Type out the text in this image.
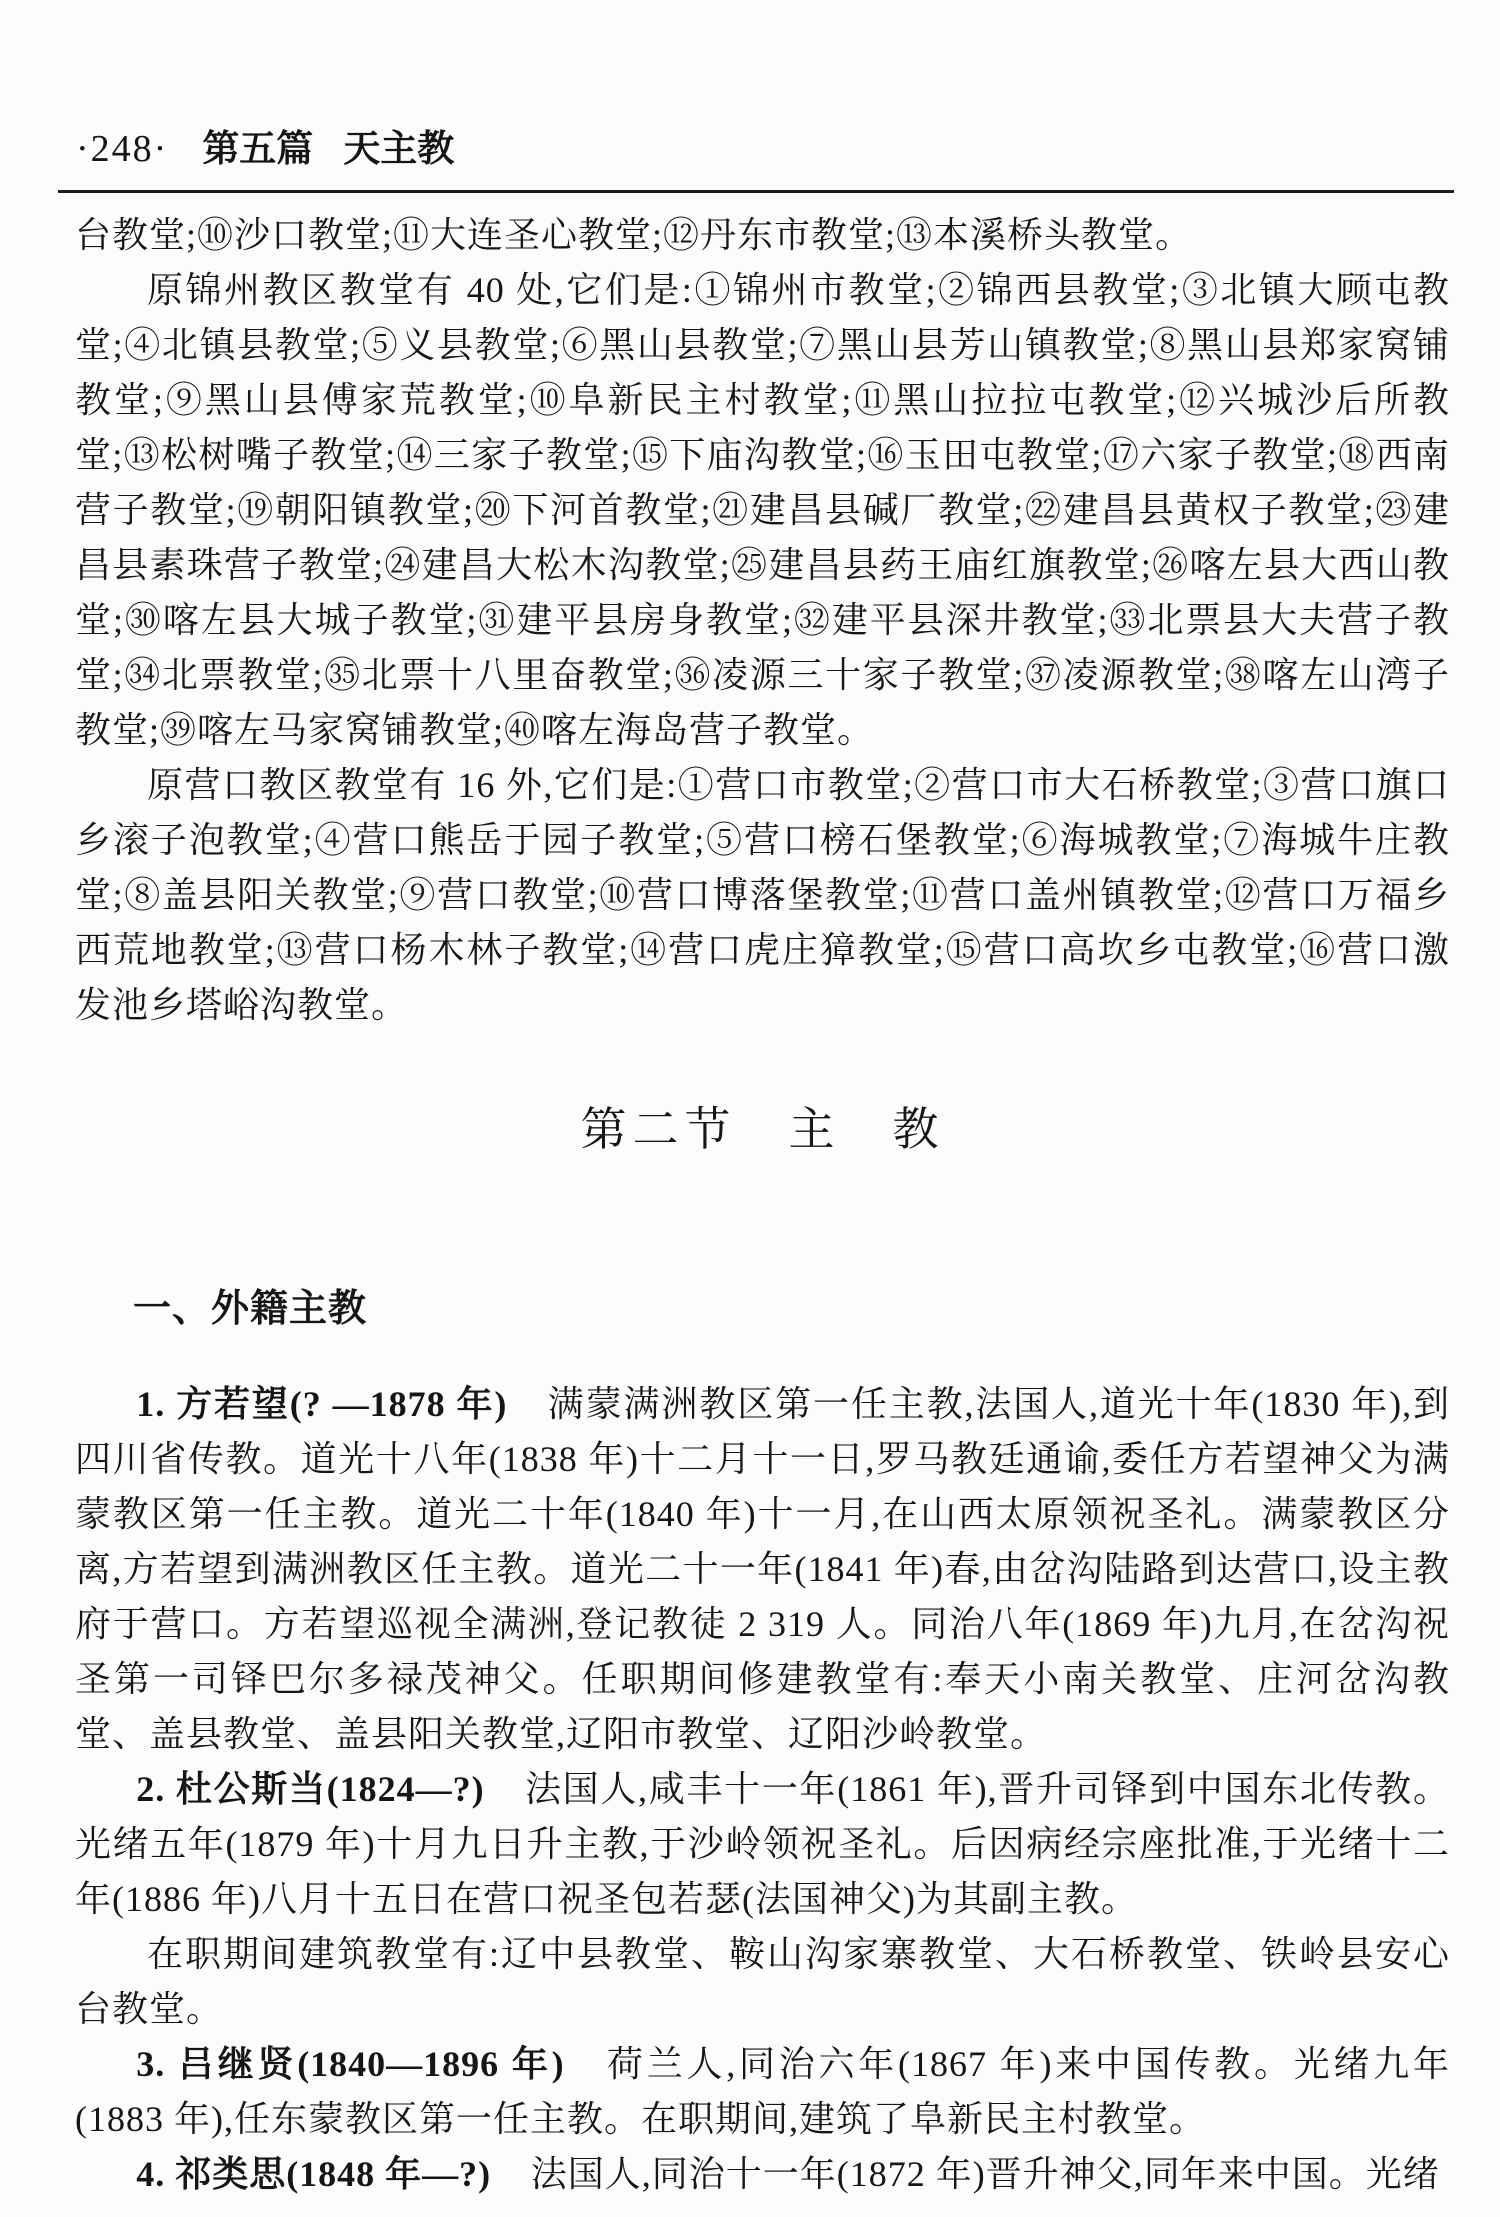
·248· 第五篇 天主教

台教堂;⑩沙口教堂;⑪大连圣心教堂;⑫丹东市教堂;⑬本溪桥头教堂。

原锦州教区教堂有 40 处,它们是:①锦州市教堂;②锦西县教堂;③北镇大顾屯教堂;④北镇县教堂;⑤义县教堂;⑥黑山县教堂;⑦黑山县芳山镇教堂;⑧黑山县郑家窝铺教堂;⑨黑山县傅家荒教堂;⑩阜新民主村教堂;⑪黑山拉拉屯教堂;⑫兴城沙后所教堂;⑬松树嘴子教堂;⑭三家子教堂;⑮下庙沟教堂;⑯玉田屯教堂;⑰六家子教堂;⑱西南营子教堂;⑲朝阳镇教堂;⑳下河首教堂;㉑建昌县碱厂教堂;㉒建昌县黄权子教堂;㉓建昌县素珠营子教堂;㉔建昌大松木沟教堂;㉕建昌县药王庙红旗教堂;㉖喀左县大西山教堂;㉚喀左县大城子教堂;㉛建平县房身教堂;㉜建平县深井教堂;㉝北票县大夫营子教堂;㉞北票教堂;㉟北票十八里奋教堂;㊱凌源三十家子教堂;㊲凌源教堂;㊳喀左山湾子教堂;㊴喀左马家窝铺教堂;㊵喀左海岛营子教堂。

原营口教区教堂有 16 外,它们是:①营口市教堂;②营口市大石桥教堂;③营口旗口乡滚子泡教堂;④营口熊岳于园子教堂;⑤营口榜石堡教堂;⑥海城教堂;⑦海城牛庄教堂;⑧盖县阳关教堂;⑨营口教堂;⑩营口博落堡教堂;⑪营口盖州镇教堂;⑫营口万福乡西荒地教堂;⑬营口杨木林子教堂;⑭营口虎庄獐教堂;⑮营口高坎乡屯教堂;⑯营口激发池乡塔峪沟教堂。

第二节　主　教
一、外籍主教

1. 方若望(? —1878 年) 满蒙满洲教区第一任主教,法国人,道光十年(1830 年),到四川省传教。道光十八年(1838 年)十二月十一日,罗马教廷通谕,委任方若望神父为满蒙教区第一任主教。道光二十年(1840 年)十一月,在山西太原领祝圣礼。满蒙教区分离,方若望到满洲教区任主教。道光二十一年(1841 年)春,由岔沟陆路到达营口,设主教府于营口。方若望巡视全满洲,登记教徒 2 319 人。同治八年(1869 年)九月,在岔沟祝圣第一司铎巴尔多禄茂神父。任职期间修建教堂有:奉天小南关教堂、庄河岔沟教堂、盖县教堂、盖县阳关教堂,辽阳市教堂、辽阳沙岭教堂。

2. 杜公斯当(1824—?) 法国人,咸丰十一年(1861 年),晋升司铎到中国东北传教。光绪五年(1879 年)十月九日升主教,于沙岭领祝圣礼。后因病经宗座批准,于光绪十二年(1886 年)八月十五日在营口祝圣包若瑟(法国神父)为其副主教。

在职期间建筑教堂有:辽中县教堂、鞍山沟家寨教堂、大石桥教堂、铁岭县安心台教堂。

3. 吕继贤(1840—1896 年) 荷兰人,同治六年(1867 年)来中国传教。光绪九年(1883 年),任东蒙教区第一任主教。在职期间,建筑了阜新民主村教堂。

4. 祁类思(1848 年—?) 法国人,同治十一年(1872 年)晋升神父,同年来中国。光绪
